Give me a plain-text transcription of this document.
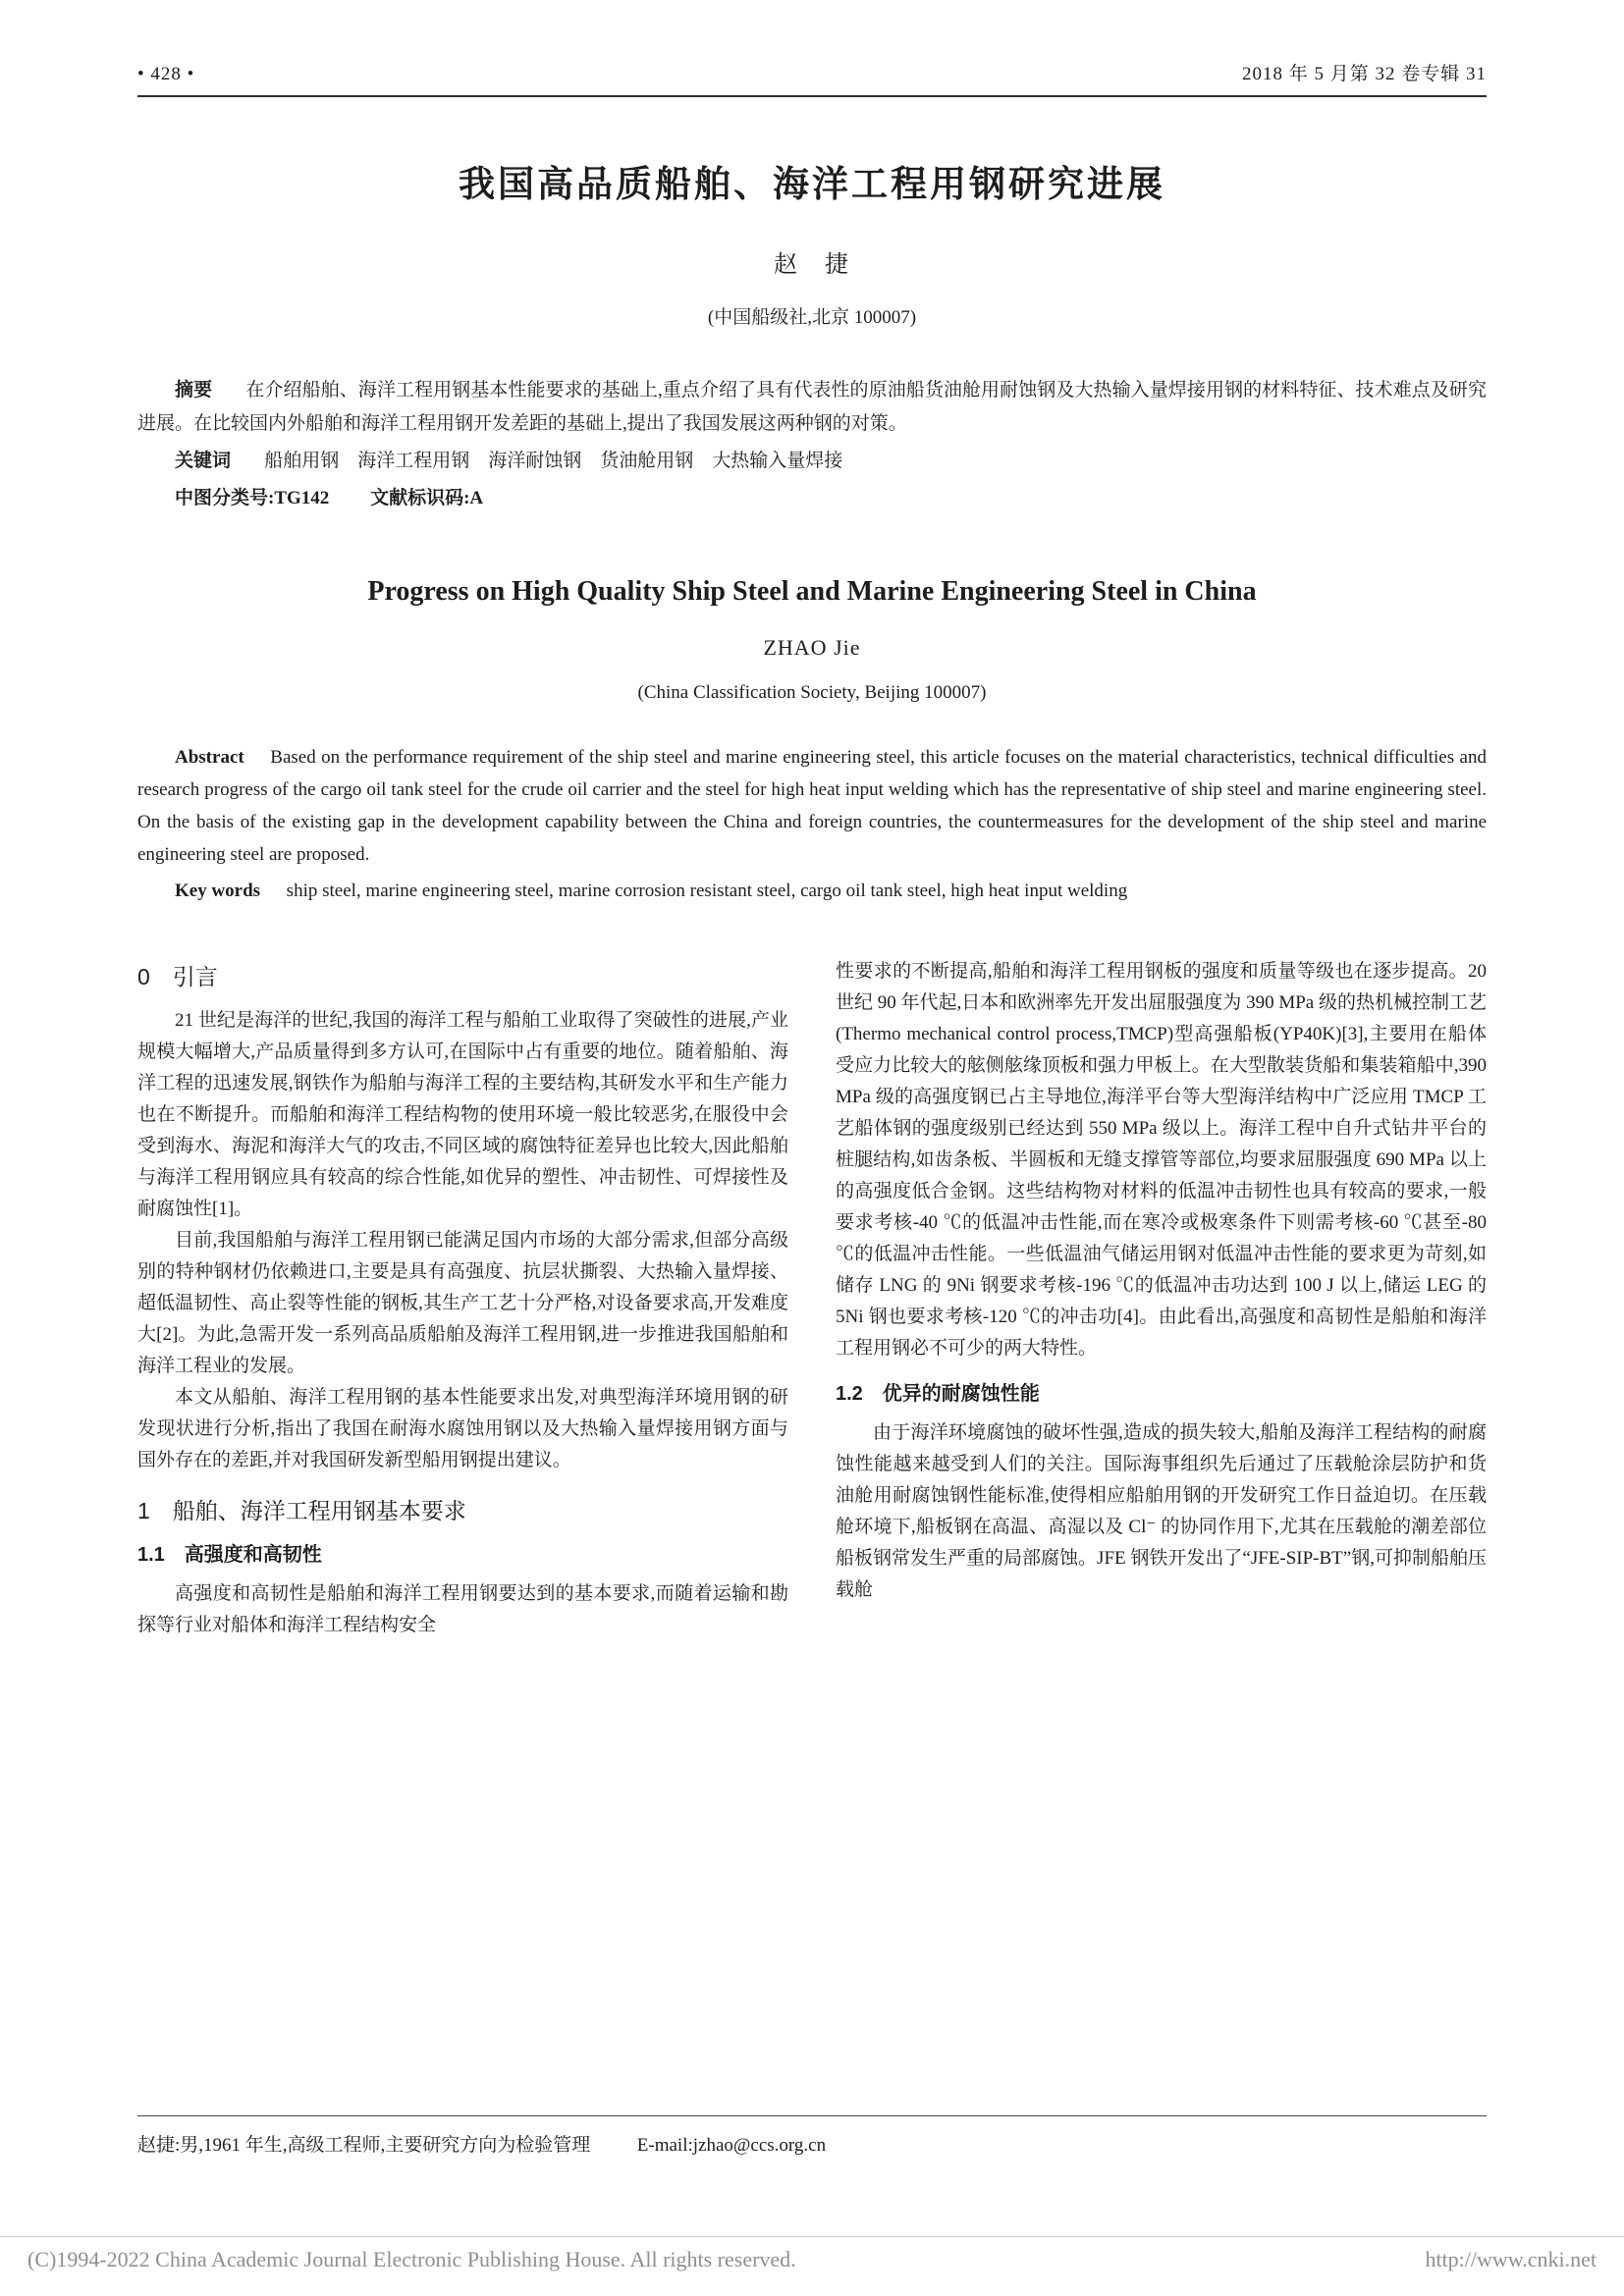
• 428 •	2018 年 5 月第 32 卷专辑 31
我国高品质船舶、海洋工程用钢研究进展
赵　捷
(中国船级社,北京 100007)

摘要 在介绍船舶、海洋工程用钢基本性能要求的基础上,重点介绍了具有代表性的原油船货油舱用耐蚀钢及大热输入量焊接用钢的材料特征、技术难点及研究进展。在比较国内外船舶和海洋工程用钢开发差距的基础上,提出了我国发展这两种钢的对策。

关键词 船舶用钢　海洋工程用钢　海洋耐蚀钢　货油舱用钢　大热输入量焊接

中图分类号:TG142 文献标识码:A

Progress on High Quality Ship Steel and Marine Engineering Steel in China
ZHAO Jie
(China Classification Society, Beijing 100007)

Abstract Based on the performance requirement of the ship steel and marine engineering steel, this article focuses on the material characteristics, technical difficulties and research progress of the cargo oil tank steel for the crude oil carrier and the steel for high heat input welding which has the representative of ship steel and marine engineering steel. On the basis of the existing gap in the development capability between the China and foreign countries, the countermeasures for the development of the ship steel and marine engineering steel are proposed.

Key words ship steel, marine engineering steel, marine corrosion resistant steel, cargo oil tank steel, high heat input welding

0　引言

21 世纪是海洋的世纪,我国的海洋工程与船舶工业取得了突破性的进展,产业规模大幅增大,产品质量得到多方认可,在国际中占有重要的地位。随着船舶、海洋工程的迅速发展,钢铁作为船舶与海洋工程的主要结构,其研发水平和生产能力也在不断提升。而船舶和海洋工程结构物的使用环境一般比较恶劣,在服役中会受到海水、海泥和海洋大气的攻击,不同区域的腐蚀特征差异也比较大,因此船舶与海洋工程用钢应具有较高的综合性能,如优异的塑性、冲击韧性、可焊接性及耐腐蚀性[1]。

目前,我国船舶与海洋工程用钢已能满足国内市场的大部分需求,但部分高级别的特种钢材仍依赖进口,主要是具有高强度、抗层状撕裂、大热输入量焊接、超低温韧性、高止裂等性能的钢板,其生产工艺十分严格,对设备要求高,开发难度大[2]。为此,急需开发一系列高品质船舶及海洋工程用钢,进一步推进我国船舶和海洋工程业的发展。

本文从船舶、海洋工程用钢的基本性能要求出发,对典型海洋环境用钢的研发现状进行分析,指出了我国在耐海水腐蚀用钢以及大热输入量焊接用钢方面与国外存在的差距,并对我国研发新型船用钢提出建议。

1　船舶、海洋工程用钢基本要求
1.1　高强度和高韧性

高强度和高韧性是船舶和海洋工程用钢要达到的基本要求,而随着运输和勘探等行业对船体和海洋工程结构安全

性要求的不断提高,船舶和海洋工程用钢板的强度和质量等级也在逐步提高。20 世纪 90 年代起,日本和欧洲率先开发出屈服强度为 390 MPa 级的热机械控制工艺(Thermo mechanical control process,TMCP)型高强船板(YP40K)[3],主要用在船体受应力比较大的舷侧舷缘顶板和强力甲板上。在大型散装货船和集装箱船中,390 MPa 级的高强度钢已占主导地位,海洋平台等大型海洋结构中广泛应用 TMCP 工艺船体钢的强度级别已经达到 550 MPa 级以上。海洋工程中自升式钻井平台的桩腿结构,如齿条板、半圆板和无缝支撑管等部位,均要求屈服强度 690 MPa 以上的高强度低合金钢。这些结构物对材料的低温冲击韧性也具有较高的要求,一般要求考核-40 ℃的低温冲击性能,而在寒冷或极寒条件下则需考核-60 ℃甚至-80 ℃的低温冲击性能。一些低温油气储运用钢对低温冲击性能的要求更为苛刻,如储存 LNG 的 9Ni 钢要求考核-196 ℃的低温冲击功达到 100 J 以上,储运 LEG 的 5Ni 钢也要求考核-120 ℃的冲击功[4]。由此看出,高强度和高韧性是船舶和海洋工程用钢必不可少的两大特性。

1.2　优异的耐腐蚀性能

由于海洋环境腐蚀的破坏性强,造成的损失较大,船舶及海洋工程结构的耐腐蚀性能越来越受到人们的关注。国际海事组织先后通过了压载舱涂层防护和货油舱用耐腐蚀钢性能标准,使得相应船舶用钢的开发研究工作日益迫切。在压载舱环境下,船板钢在高温、高湿以及 Cl⁻ 的协同作用下,尤其在压载舱的潮差部位船板钢常发生严重的局部腐蚀。JFE 钢铁开发出了“JFE-SIP-BT”钢,可抑制船舶压载舱

赵捷:男,1961 年生,高级工程师,主要研究方向为检验管理	E-mail:jzhao@ccs.org.cn
(C)1994-2022 China Academic Journal Electronic Publishing House. All rights reserved.	http://www.cnki.net
